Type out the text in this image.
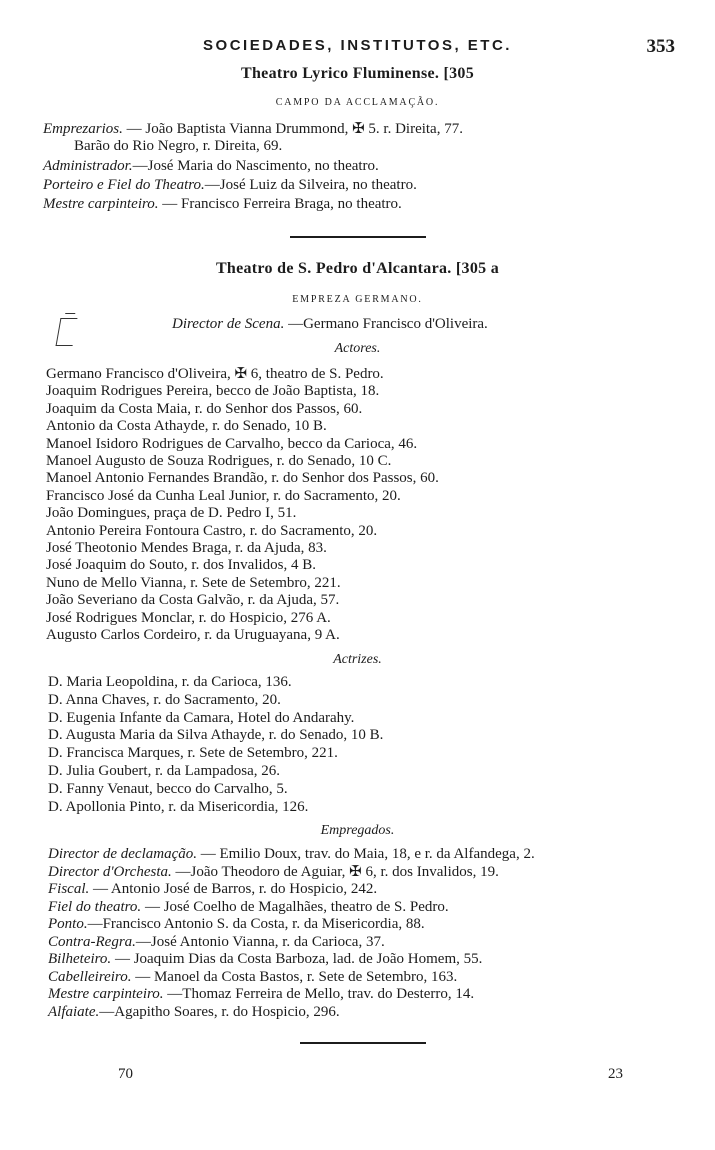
SOCIEDADES, INSTITUTOS, ETC.	353
Theatro Lyrico Fluminense. [305
CAMPO DA ACCLAMAÇÃO.
Emprezarios. — João Baptista Vianna Drummond, ✠ 5. r. Direita, 77.
Barão do Rio Negro, r. Direita, 69.
Administrador.—José Maria do Nascimento, no theatro.
Porteiro e Fiel do Theatro.—José Luiz da Silveira, no theatro.
Mestre carpinteiro. — Francisco Ferreira Braga, no theatro.
Theatro de S. Pedro d'Alcantara. [305 a
EMPREZA GERMANO.
Director de Scena. —Germano Francisco d'Oliveira.
Actores.
Germano Francisco d'Oliveira, ✠ 6, theatro de S. Pedro.
Joaquim Rodrigues Pereira, becco de João Baptista, 18.
Joaquim da Costa Maia, r. do Senhor dos Passos, 60.
Antonio da Costa Athayde, r. do Senado, 10 B.
Manoel Isidoro Rodrigues de Carvalho, becco da Carioca, 46.
Manoel Augusto de Souza Rodrigues, r. do Senado, 10 C.
Manoel Antonio Fernandes Brandão, r. do Senhor dos Passos, 60.
Francisco José da Cunha Leal Junior, r. do Sacramento, 20.
João Domingues, praça de D. Pedro I, 51.
Antonio Pereira Fontoura Castro, r. do Sacramento, 20.
José Theotonio Mendes Braga, r. da Ajuda, 83.
José Joaquim do Souto, r. dos Invalidos, 4 B.
Nuno de Mello Vianna, r. Sete de Setembro, 221.
João Severiano da Costa Galvão, r. da Ajuda, 57.
José Rodrigues Monclar, r. do Hospicio, 276 A.
Augusto Carlos Cordeiro, r. da Uruguayana, 9 A.
Actrizes.
D. Maria Leopoldina, r. da Carioca, 136.
D. Anna Chaves, r. do Sacramento, 20.
D. Eugenia Infante da Camara, Hotel do Andarahy.
D. Augusta Maria da Silva Athayde, r. do Senado, 10 B.
D. Francisca Marques, r. Sete de Setembro, 221.
D. Julia Goubert, r. da Lampadosa, 26.
D. Fanny Venaut, becco do Carvalho, 5.
D. Apollonia Pinto, r. da Misericordia, 126.
Empregados.
Director de declamação. — Emilio Doux, trav. do Maia, 18, e r. da Alfandega, 2.
Director d'Orchesta. —João Theodoro de Aguiar, ✠ 6, r. dos Invalidos, 19.
Fiscal. — Antonio José de Barros, r. do Hospicio, 242.
Fiel do theatro. — José Coelho de Magalhães, theatro de S. Pedro.
Ponto.—Francisco Antonio S. da Costa, r. da Misericordia, 88.
Contra-Regra.—José Antonio Vianna, r. da Carioca, 37.
Bilheteiro. — Joaquim Dias da Costa Barboza, lad. de João Homem, 55.
Cabelleireiro. — Manoel da Costa Bastos, r. Sete de Setembro, 163.
Mestre carpinteiro. —Thomaz Ferreira de Mello, trav. do Desterro, 14.
Alfaiate.—Agapitho Soares, r. do Hospicio, 296.
70	23
